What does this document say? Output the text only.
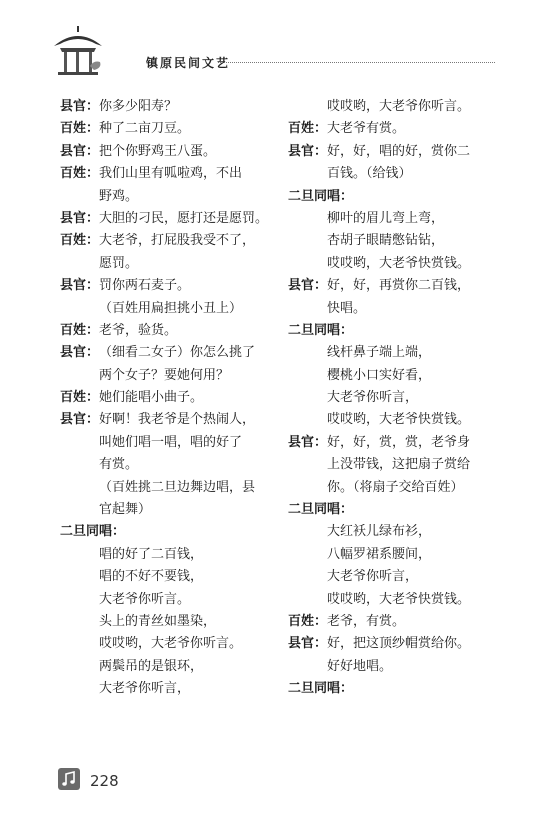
镇原民间文艺
县官： 你多少阳寿？
百姓： 种了二亩刀豆。
县官： 把个你野鸡王八蛋。
百姓： 我们山里有呱啦鸡，不出
野鸡。
县官： 大胆的刁民，愿打还是愿罚。
百姓： 大老爷，打屁股我受不了，
愿罚。
县官： 罚你两石麦子。
（百姓用扁担挑小丑上）
百姓： 老爷，验货。
县官： （细看二女子）你怎么挑了
两个女子？要她何用？
百姓： 她们能唱小曲子。
县官： 好啊！我老爷是个热闹人，
叫她们唱一唱，唱的好了
有赏。
（百姓挑二旦边舞边唱，县
官起舞）
二旦同唱：
唱的好了二百钱，
唱的不好不要钱，
大老爷你听言。
头上的青丝如墨染，
哎哎哟，大老爷你听言。
两鬓吊的是银环，
大老爷你听言，
哎哎哟，大老爷你听言。
百姓： 大老爷有赏。
县官： 好，好，唱的好，赏你二
百钱。（给钱）
二旦同唱：
柳叶的眉儿弯上弯，
杏胡子眼睛憋钻钻，
哎哎哟，大老爷快赏钱。
县官： 好，好，再赏你二百钱，
快唱。
二旦同唱：
线杆鼻子端上端，
樱桃小口实好看，
大老爷你听言，
哎哎哟，大老爷快赏钱。
县官： 好，好，赏，赏，老爷身
上没带钱，这把扇子赏给
你。（将扇子交给百姓）
二旦同唱：
大红袄儿绿布衫，
八幅罗裙系腰间，
大老爷你听言，
哎哎哟，大老爷快赏钱。
百姓： 老爷，有赏。
县官： 好，把这顶纱帽赏给你。
好好地唱。
二旦同唱：
228
